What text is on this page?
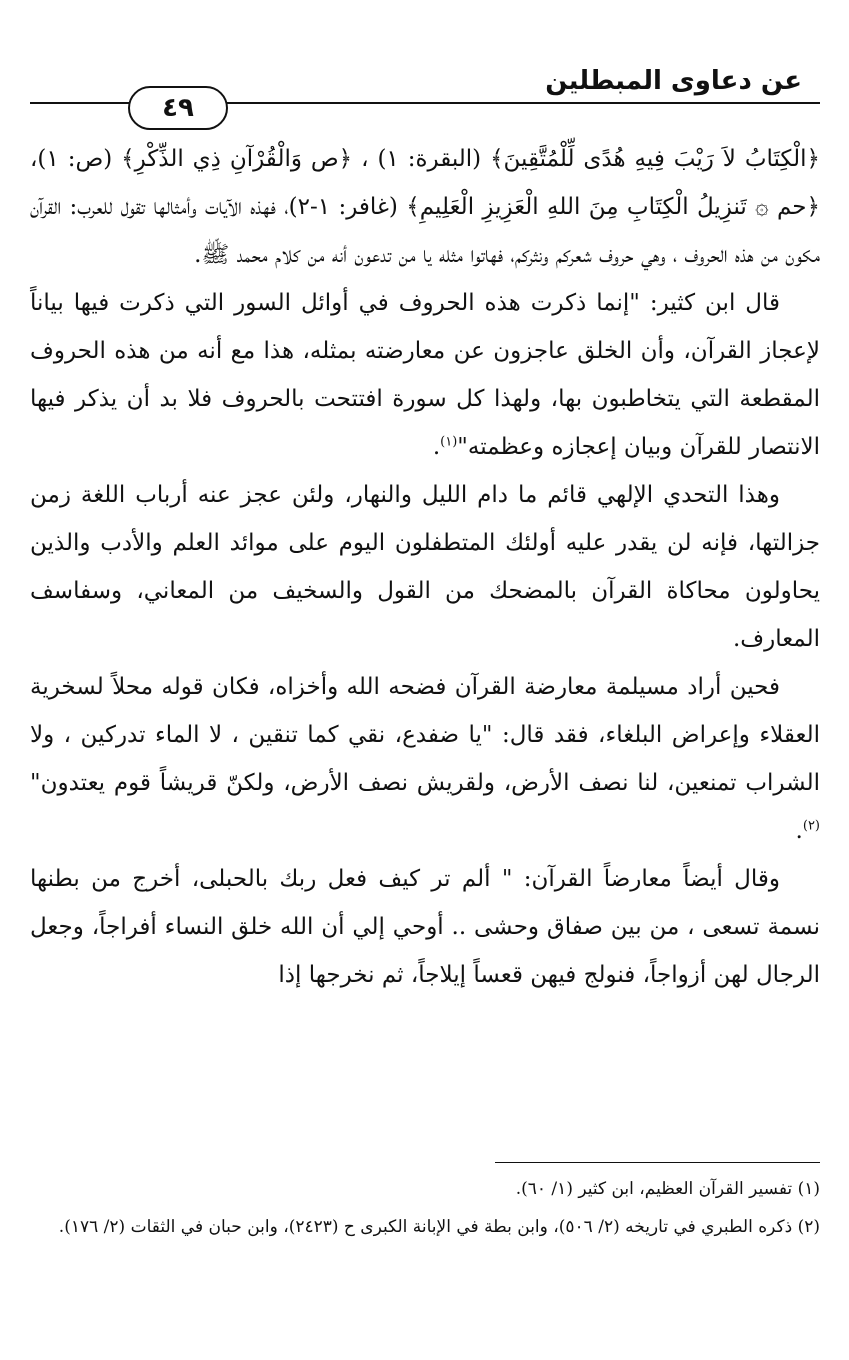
عن دعاوى المبطلين
٤٩

﴿الْكِتَابُ لاَ رَيْبَ فِيهِ هُدًى لِّلْمُتَّقِينَ﴾ (البقرة: ١) ، ﴿ص وَالْقُرْآنِ ذِي الذِّكْرِ﴾ (ص: ١)، ﴿حم ۞ تَنزِيلُ الْكِتَابِ مِنَ اللهِ الْعَزِيزِ الْعَلِيمِ﴾ (غافر: ١-٢)، فهذه الآيات وأمثالها تقول للعرب: القرآن مكون من هذه الحروف ، وهي حروف شعركم ونثركم، فهاتوا مثله يا من تدعون أنه من كلام محمد ﷺ.

قال ابن كثير: "إنما ذكرت هذه الحروف في أوائل السور التي ذكرت فيها بياناً لإعجاز القرآن، وأن الخلق عاجزون عن معارضته بمثله، هذا مع أنه من هذه الحروف المقطعة التي يتخاطبون بها، ولهذا كل سورة افتتحت بالحروف فلا بد أن يذكر فيها الانتصار للقرآن وبيان إعجازه وعظمته"$^{(١)}$.

وهذا التحدي الإلهي قائم ما دام الليل والنهار، ولئن عجز عنه أرباب اللغة زمن جزالتها، فإنه لن يقدر عليه أولئك المتطفلون اليوم على موائد العلم والأدب والذين يحاولون محاكاة القرآن بالمضحك من القول والسخيف من المعاني، وسفاسف المعارف.

فحين أراد مسيلمة معارضة القرآن فضحه الله وأخزاه، فكان قوله محلاً لسخرية العقلاء وإعراض البلغاء، فقد قال: "يا ضفدع، نقي كما تنقين ، لا الماء تدركين ، ولا الشراب تمنعين، لنا نصف الأرض، ولقريش نصف الأرض، ولكنّ قريشاً قوم يعتدون"$^{(٢)}$.

وقال أيضاً معارضاً القرآن: " ألم تر كيف فعل ربك بالحبلى، أخرج من بطنها نسمة تسعى ، من بين صفاق وحشى .. أوحي إلي أن الله خلق النساء أفراجاً، وجعل الرجال لهن أزواجاً، فنولج فيهن قعساً إيلاجاً، ثم نخرجها إذا

(١) تفسير القرآن العظيم، ابن كثير (١/ ٦٠).

(٢) ذكره الطبري في تاريخه (٢/ ٥٠٦)، وابن بطة في الإبانة الكبرى ح (٢٤٢٣)، وابن حبان في الثقات (٢/ ١٧٦).
